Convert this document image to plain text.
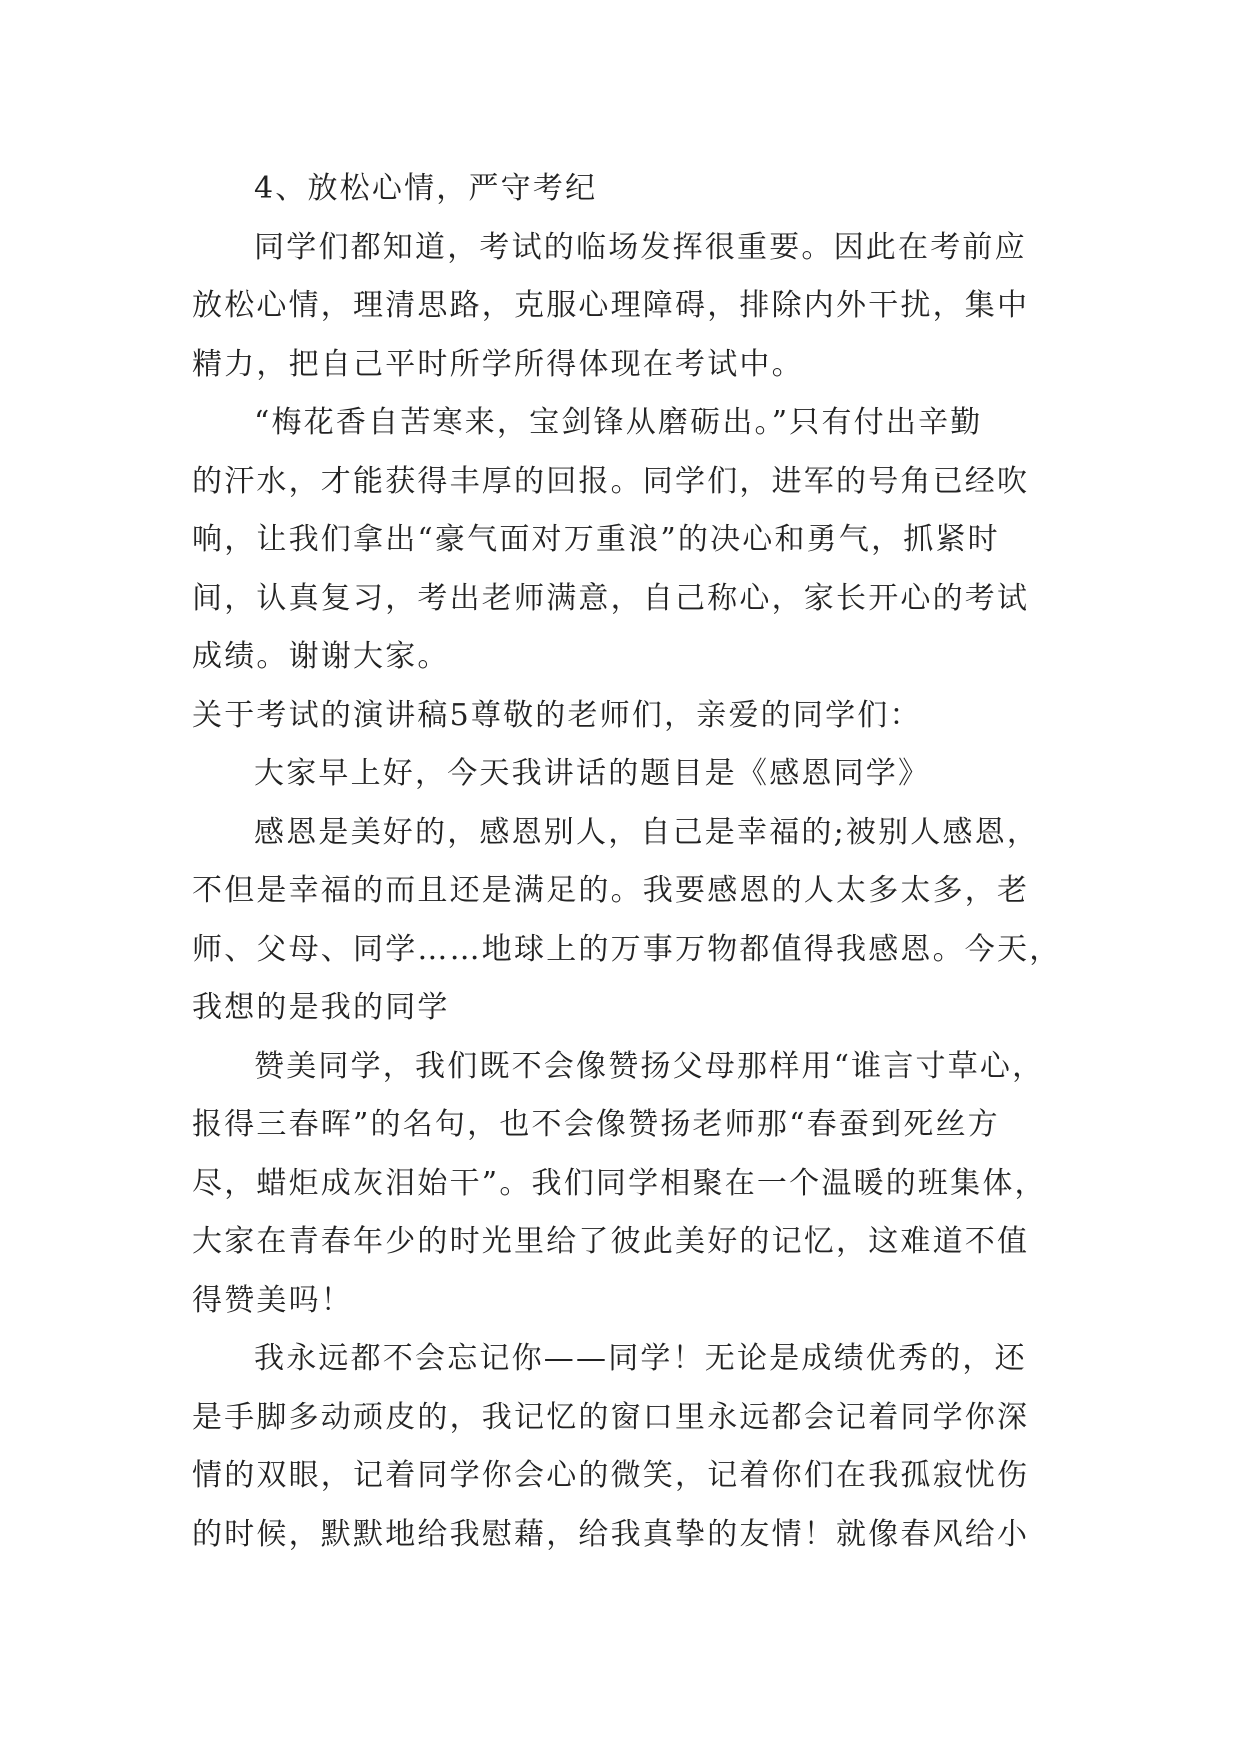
4、放松心情，严守考纪
同学们都知道，考试的临场发挥很重要。因此在考前应
放松心情，理清思路，克服心理障碍，排除内外干扰，集中
精力，把自己平时所学所得体现在考试中。
“梅花香自苦寒来，宝剑锋从磨砺出。”只有付出辛勤
的汗水，才能获得丰厚的回报。同学们，进军的号角已经吹
响，让我们拿出“豪气面对万重浪”的决心和勇气，抓紧时
间，认真复习，考出老师满意，自己称心，家长开心的考试
成绩。谢谢大家。
关于考试的演讲稿5尊敬的老师们，亲爱的同学们：
大家早上好，今天我讲话的题目是《感恩同学》
感恩是美好的，感恩别人，自己是幸福的;被别人感恩，
不但是幸福的而且还是满足的。我要感恩的人太多太多，老
师、父母、同学……地球上的万事万物都值得我感恩。今天，
我想的是我的同学
赞美同学，我们既不会像赞扬父母那样用“谁言寸草心，
报得三春晖”的名句，也不会像赞扬老师那“春蚕到死丝方
尽，蜡炬成灰泪始干”。我们同学相聚在一个温暖的班集体，
大家在青春年少的时光里给了彼此美好的记忆，这难道不值
得赞美吗！
我永远都不会忘记你——同学！无论是成绩优秀的，还
是手脚多动顽皮的，我记忆的窗口里永远都会记着同学你深
情的双眼，记着同学你会心的微笑，记着你们在我孤寂忧伤
的时候，默默地给我慰藉，给我真挚的友情！就像春风给小
